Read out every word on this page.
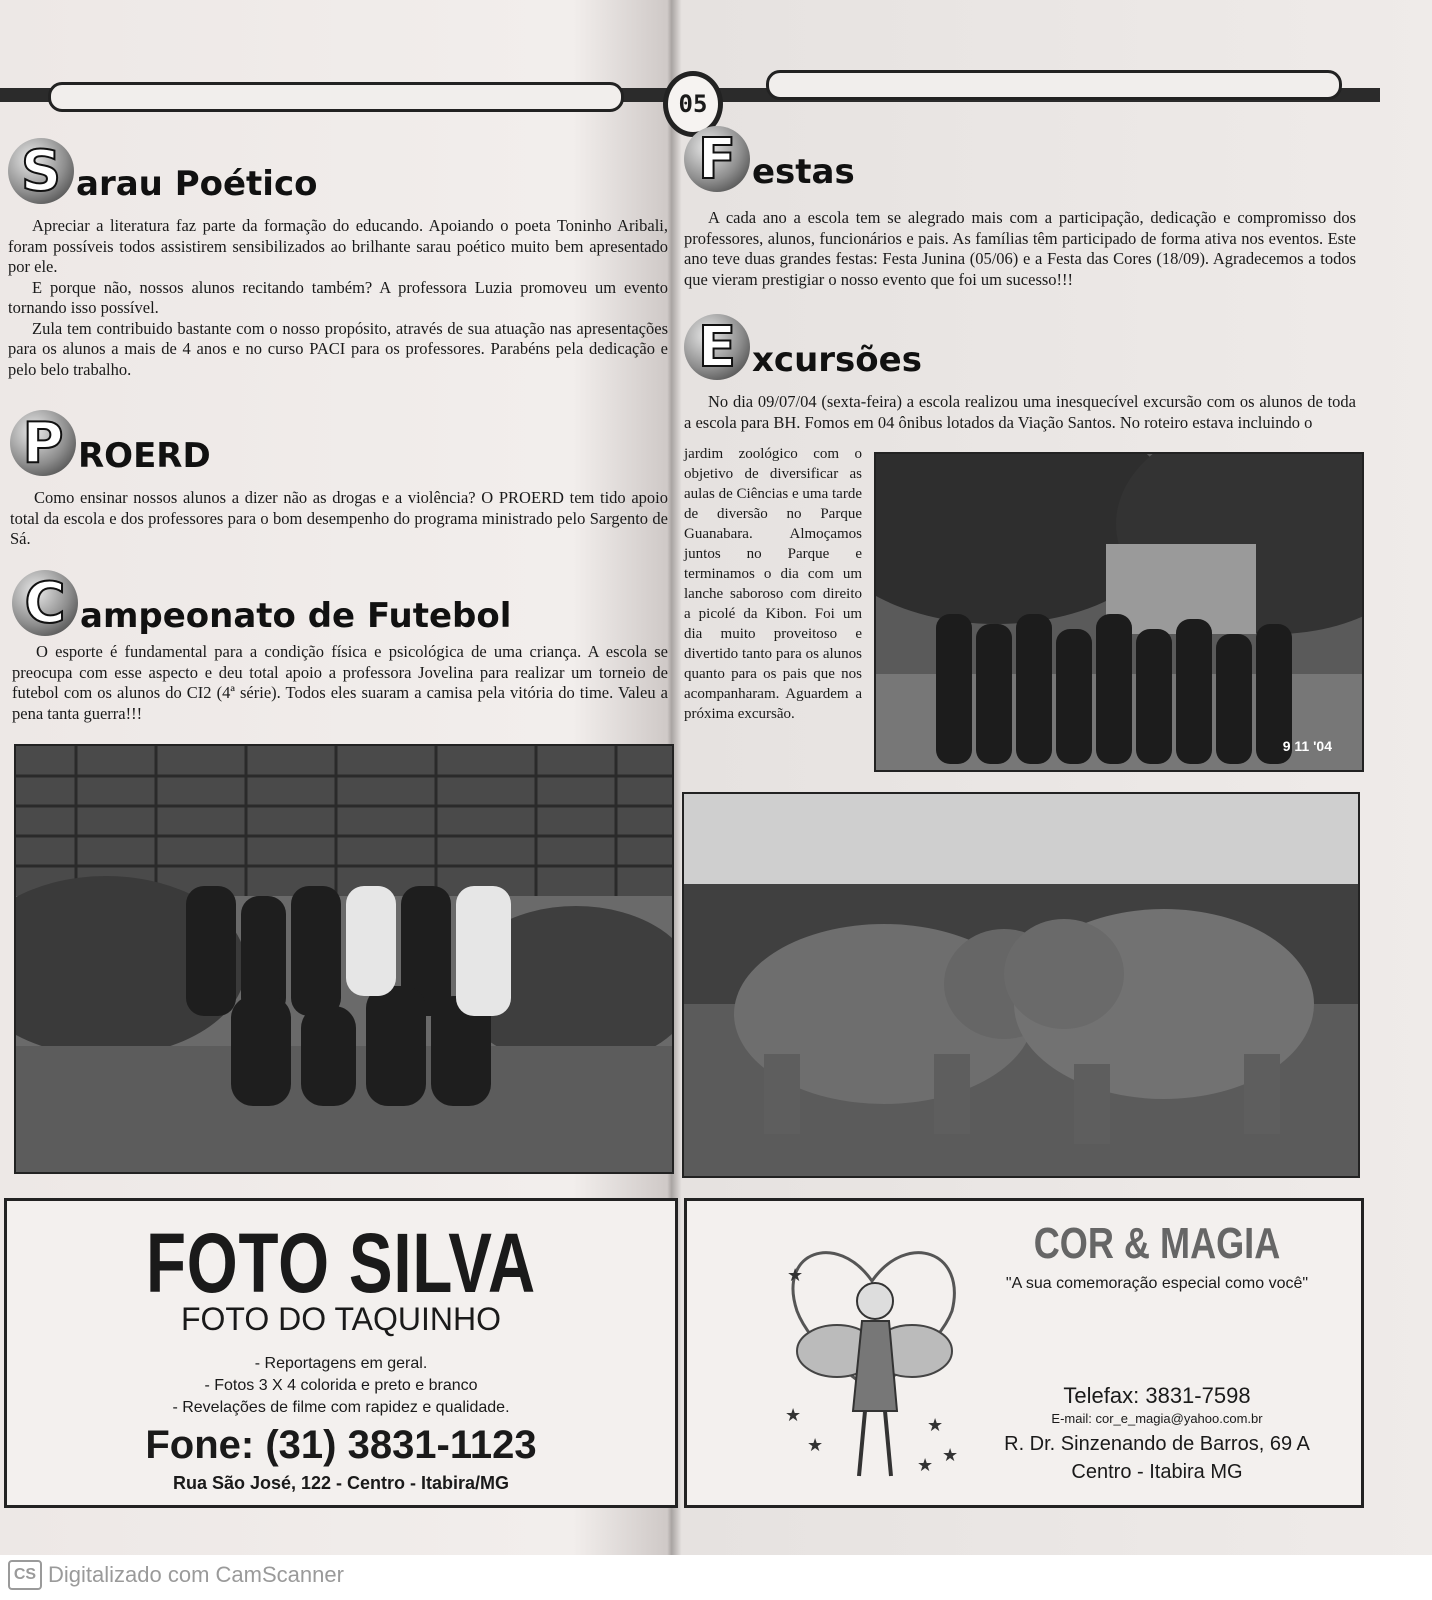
05
S arau Poético

Apreciar a literatura faz parte da formação do educando. Apoiando o poeta Toninho Aribali, foram possíveis todos assistirem sensibilizados ao brilhante sarau poético muito bem apresentado por ele.

E porque não, nossos alunos recitando também? A professora Luzia promoveu um evento tornando isso possível.

Zula tem contribuido bastante com o nosso propósito, através de sua atuação nas apresentações para os alunos a mais de 4 anos e no curso PACI para os professores. Parabéns pela dedicação e pelo belo trabalho.

P ROERD

Como ensinar nossos alunos a dizer não as drogas e a violência? O PROERD tem tido apoio total da escola e dos professores para o bom desempenho do programa ministrado pelo Sargento de Sá.

C ampeonato de Futebol

O esporte é fundamental para a condição física e psicológica de uma criança. A escola se preocupa com esse aspecto e deu total apoio a professora Jovelina para realizar um torneio de futebol com os alunos do CI2 (4ª série). Todos eles suaram a camisa pela vitória do time. Valeu a pena tanta guerra!!!

F estas

A cada ano a escola tem se alegrado mais com a participação, dedicação e compromisso dos professores, alunos, funcionários e pais. As famílias têm participado de forma ativa nos eventos. Este ano teve duas grandes festas: Festa Junina (05/06) e a Festa das Cores (18/09). Agradecemos a todos que vieram prestigiar o nosso evento que foi um sucesso!!!

E xcursões

No dia 09/07/04 (sexta-feira) a escola realizou uma inesquecível excursão com os alunos de toda a escola para BH. Fomos em 04 ônibus lotados da Viação Santos. No roteiro estava incluindo o

jardim zoológico com o objetivo de diversificar as aulas de Ciências e uma tarde de diversão no Parque Guanabara. Almoçamos juntos no Parque e terminamos o dia com um lanche saboroso com direito a picolé da Kibon. Foi um dia muito proveitoso e divertido tanto para os alunos quanto para os pais que nos acompanharam. Aguardem a próxima excursão.

9 11 '04
FOTO SILVA
FOTO DO TAQUINHO
- Reportagens em geral.
- Fotos 3 X 4 colorida e preto e branco
- Revelações de filme com rapidez e qualidade.
Fone: (31) 3831-1123
Rua São José, 122 - Centro - Itabira/MG
★
★
★
★
★
★
COR & MAGIA
"A sua comemoração especial como você"
Telefax: 3831-7598
E-mail: cor_e_magia@yahoo.com.br
R. Dr. Sinzenando de Barros, 69 A
Centro - Itabira MG
CS Digitalizado com CamScanner
